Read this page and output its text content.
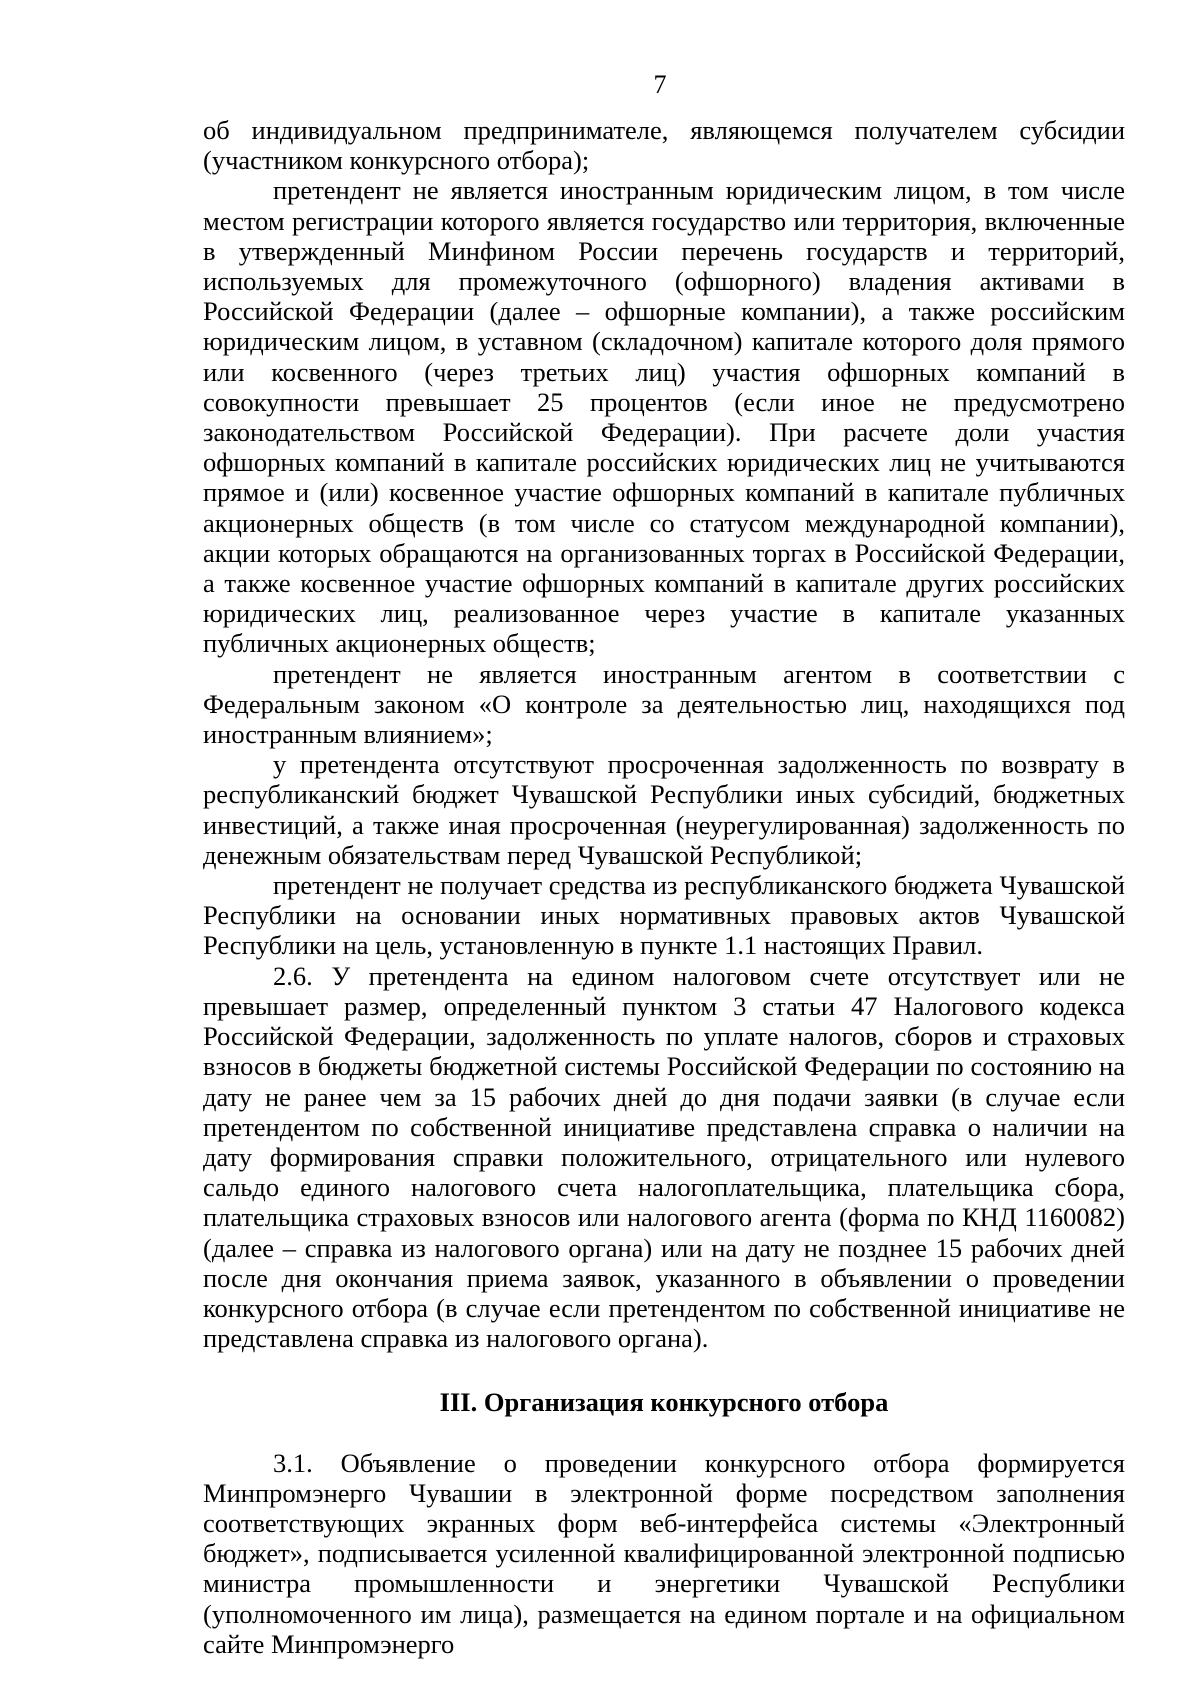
7

об индивидуальном предпринимателе, являющемся получателем субсидии (участником конкурсного отбора);

претендент не является иностранным юридическим лицом, в том числе местом регистрации которого является государство или территория, включенные в утвержденный Минфином России перечень государств и территорий, используемых для промежуточного (офшорного) владения активами в Российской Федерации (далее – офшорные компании), а также российским юридическим лицом, в уставном (складочном) капитале которого доля прямого или косвенного (через третьих лиц) участия офшорных компаний в совокупности превышает 25 процентов (если иное не предусмотрено законодательством Российской Федерации). При расчете доли участия офшорных компаний в капитале российских юридических лиц не учитываются прямое и (или) косвенное участие офшорных компаний в капитале публичных акционерных обществ (в том числе со статусом международной компании), акции которых обращаются на организованных торгах в Российской Федерации, а также косвенное участие офшорных компаний в капитале других российских юридических лиц, реализованное через участие в капитале указанных публичных акционерных обществ;

претендент не является иностранным агентом в соответствии с Федеральным законом «О контроле за деятельностью лиц, находящихся под иностранным влиянием»;

у претендента отсутствуют просроченная задолженность по возврату в республиканский бюджет Чувашской Республики иных субсидий, бюджетных инвестиций, а также иная просроченная (неурегулированная) задолженность по денежным обязательствам перед Чувашской Республикой;

претендент не получает средства из республиканского бюджета Чувашской Республики на основании иных нормативных правовых актов Чувашской Республики на цель, установленную в пункте 1.1 настоящих Правил.

2.6. У претендента на едином налоговом счете отсутствует или не превышает размер, определенный пунктом 3 статьи 47 Налогового кодекса Российской Федерации, задолженность по уплате налогов, сборов и страховых взносов в бюджеты бюджетной системы Российской Федерации по состоянию на дату не ранее чем за 15 рабочих дней до дня подачи заявки (в случае если претендентом по собственной инициативе представлена справка о наличии на дату формирования справки положительного, отрицательного или нулевого сальдо единого налогового счета налогоплательщика, плательщика сбора, плательщика страховых взносов или налогового агента (форма по КНД 1160082) (далее – справка из налогового органа) или на дату не позднее 15 рабочих дней после дня окончания приема заявок, указанного в объявлении о проведении конкурсного отбора (в случае если претендентом по собственной инициативе не представлена справка из налогового органа).

III. Организация конкурсного отбора

3.1. Объявление о проведении конкурсного отбора формируется Минпромэнерго Чувашии в электронной форме посредством заполнения соответствующих экранных форм веб-интерфейса системы «Электронный бюджет», подписывается усиленной квалифицированной электронной подписью министра промышленности и энергетики Чувашской Республики (уполномоченного им лица), размещается на едином портале и на официальном сайте Минпромэнерго
